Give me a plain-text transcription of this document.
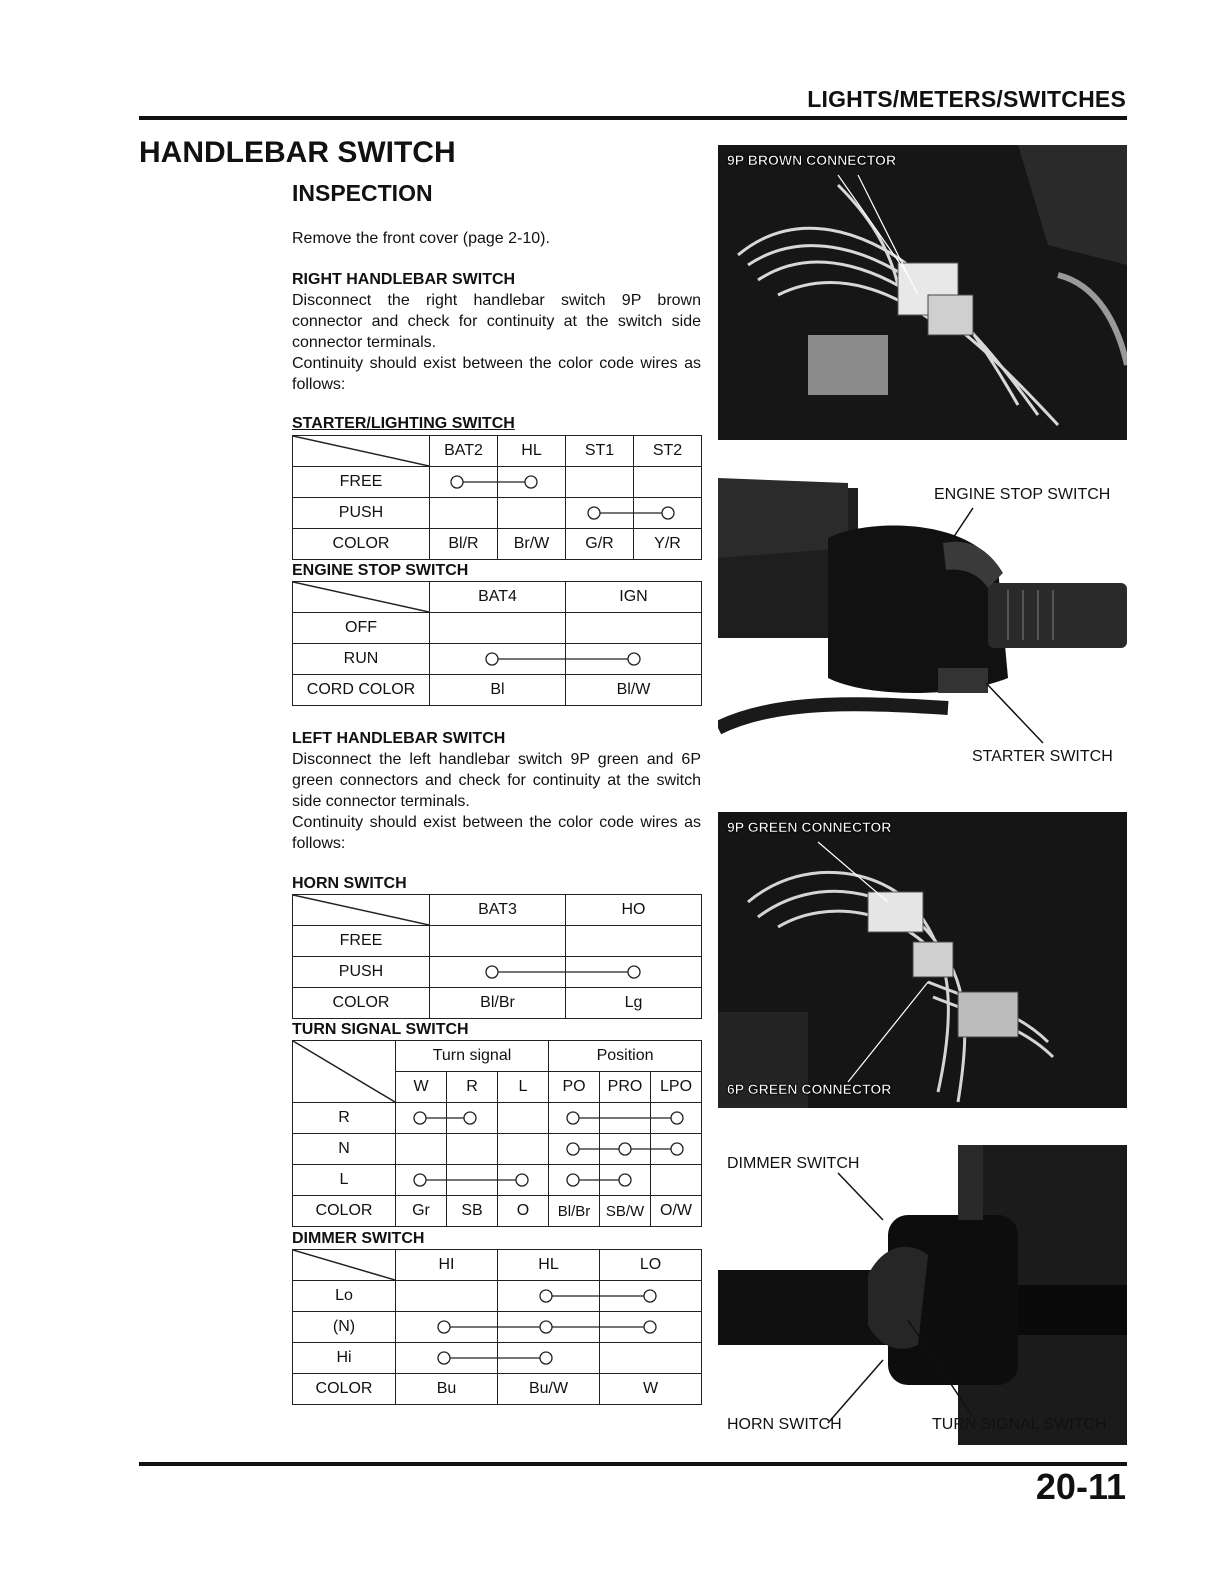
LIGHTS/METERS/SWITCHES
HANDLEBAR SWITCH
INSPECTION
Remove the front cover (page 2-10).
RIGHT HANDLEBAR SWITCH
Disconnect the right handlebar switch 9P brown connector and check for continuity at the switch side connector terminals.
Continuity should exist between the color code wires as follows:
STARTER/LIGHTING SWITCH
	BAT2	HL	ST1	ST2
FREE				
PUSH				
COLOR	Bl/R	Br/W	G/R	Y/R
ENGINE STOP SWITCH
	BAT4	IGN
OFF		
RUN		
CORD COLOR	Bl	Bl/W
LEFT HANDLEBAR SWITCH
Disconnect the left handlebar switch 9P green and 6P green connectors and check for continuity at the switch side connector terminals.
Continuity should exist between the color code wires as follows:
HORN SWITCH
	BAT3	HO
FREE		
PUSH		
COLOR	Bl/Br	Lg
TURN SIGNAL SWITCH
	Turn signal			Position		
	W	R	L	PO	PRO	LPO
R						
N						
L						
COLOR	Gr	SB	O	Bl/Br	SB/W	O/W
DIMMER SWITCH
	HI	HL	LO
Lo			
(N)			
Hi			
COLOR	Bu	Bu/W	W
9P BROWN CONNECTOR
ENGINE STOP SWITCH
STARTER SWITCH
9P GREEN CONNECTOR
6P GREEN CONNECTOR
DIMMER SWITCH
HORN SWITCH	TURN SIGNAL SWITCH
20-11
